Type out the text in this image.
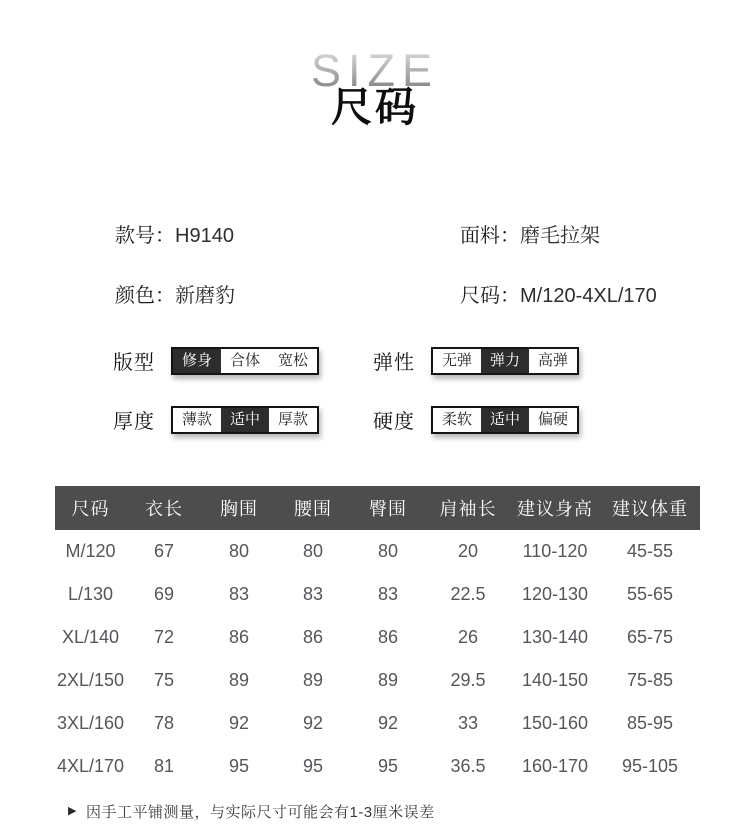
SIZE
尺码
款号：H9140	面料：磨毛拉架
颜色：新磨豹	尺码：M/120-4XL/170
版型	修身	合体	宽松	弹性	无弹	弹力	高弹
厚度	薄款	适中	厚款	硬度	柔软	适中	偏硬
尺码	衣长	胸围	腰围	臀围	肩袖长	建议身高	建议体重
M/120	67	80	80	80	20	110-120	45-55
L/130	69	83	83	83	22.5	120-130	55-65
XL/140	72	86	86	86	26	130-140	65-75
2XL/150	75	89	89	89	29.5	140-150	75-85
3XL/160	78	92	92	92	33	150-160	85-95
4XL/170	81	95	95	95	36.5	160-170	95-105
▶ 因手工平铺测量，与实际尺寸可能会有1-3厘米误差
